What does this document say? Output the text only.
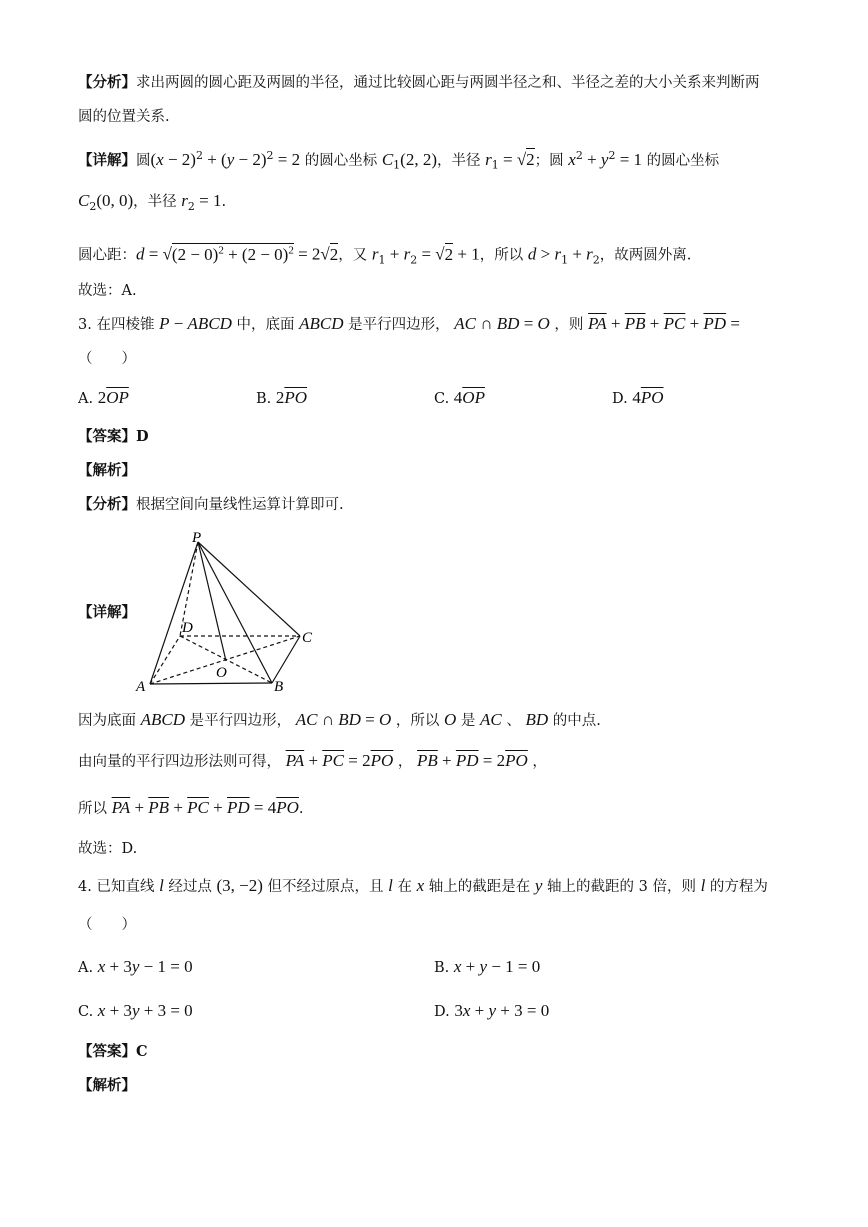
【分析】求出两圆的圆心距及两圆的半径，通过比较圆心距与两圆半径之和、半径之差的大小关系来判断两
圆的位置关系.
【详解】圆$(x - 2)^2 + (y - 2)^2 = 2$ 的圆心坐标 $C_1(2$, 2)，半径 $r_1 = √2$；圆 $x^2 + y^2 = 1$ 的圆心坐标
$C_2(0$, 0)，半径 $r_2 = 1$.
圆心距：$d = √(2 - 0)^2 + (2 - 0)^2 = 2√2$，又 $r_1 + r_2 = √2 + 1$，所以 $d > r_1 + r_2$，故两圆外离.
故选：A.
3. 在四棱锥 P − ABCD 中，底面 ABCD 是平行四边形， AC ∩ BD = O ，则 $\overline{PA} + \overline{PB} + \overline{PC} + \overline{PD}$ =
（　　）
A. $2\overline{OP}$	B. $2\overline{PO}$	C. $4\overline{OP}$	D. $4\overline{PO}$
【答案】D
【解析】
【分析】根据空间向量线性运算计算即可.
【详解】
P
D
C
O
A	B
因为底面 ABCD 是平行四边形， AC ∩ BD = O ，所以 O 是 AC 、 BD 的中点.
由向量的平行四边形法则可得， $\overline{PA} + \overline{PC} = 2\overline{PO}$ ， $\overline{PB} + \overline{PD} = 2\overline{PO}$ ，
所以 $\overline{PA} + \overline{PB} + \overline{PC} + \overline{PD} = 4\overline{PO}$.
故选：D.
4. 已知直线 l 经过点 (3, −2) 但不经过原点，且 l 在 x 轴上的截距是在 y 轴上的截距的 3 倍，则 l 的方程为
（　　）
A. x + 3y − 1 = 0	B. x + y − 1 = 0
C. x + 3y + 3 = 0	D. 3x + y + 3 = 0
【答案】C
【解析】
